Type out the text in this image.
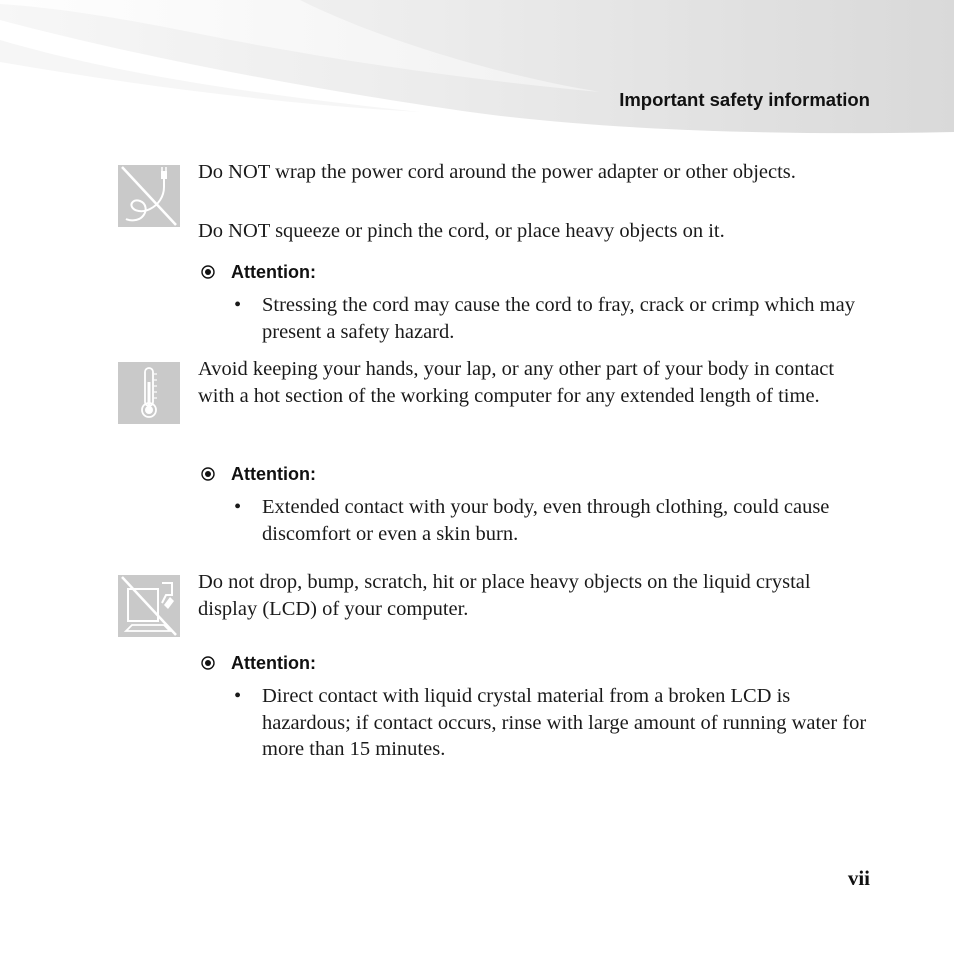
Important safety information

Do NOT wrap the power cord around the power adapter or other objects.

Do NOT squeeze or pinch the cord, or place heavy objects on it.

Attention:
• Stressing the cord may cause the cord to fray, crack or crimp which may present a safety hazard.

Avoid keeping your hands, your lap, or any other part of your body in contact with a hot section of the working computer for any extended length of time.

Attention:
• Extended contact with your body, even through clothing, could cause discomfort or even a skin burn.

Do not drop, bump, scratch, hit or place heavy objects on the liquid crystal display (LCD) of your computer.

Attention:
• Direct contact with liquid crystal material from a broken LCD is hazardous; if contact occurs, rinse with large amount of running water for more than 15 minutes.
vii
